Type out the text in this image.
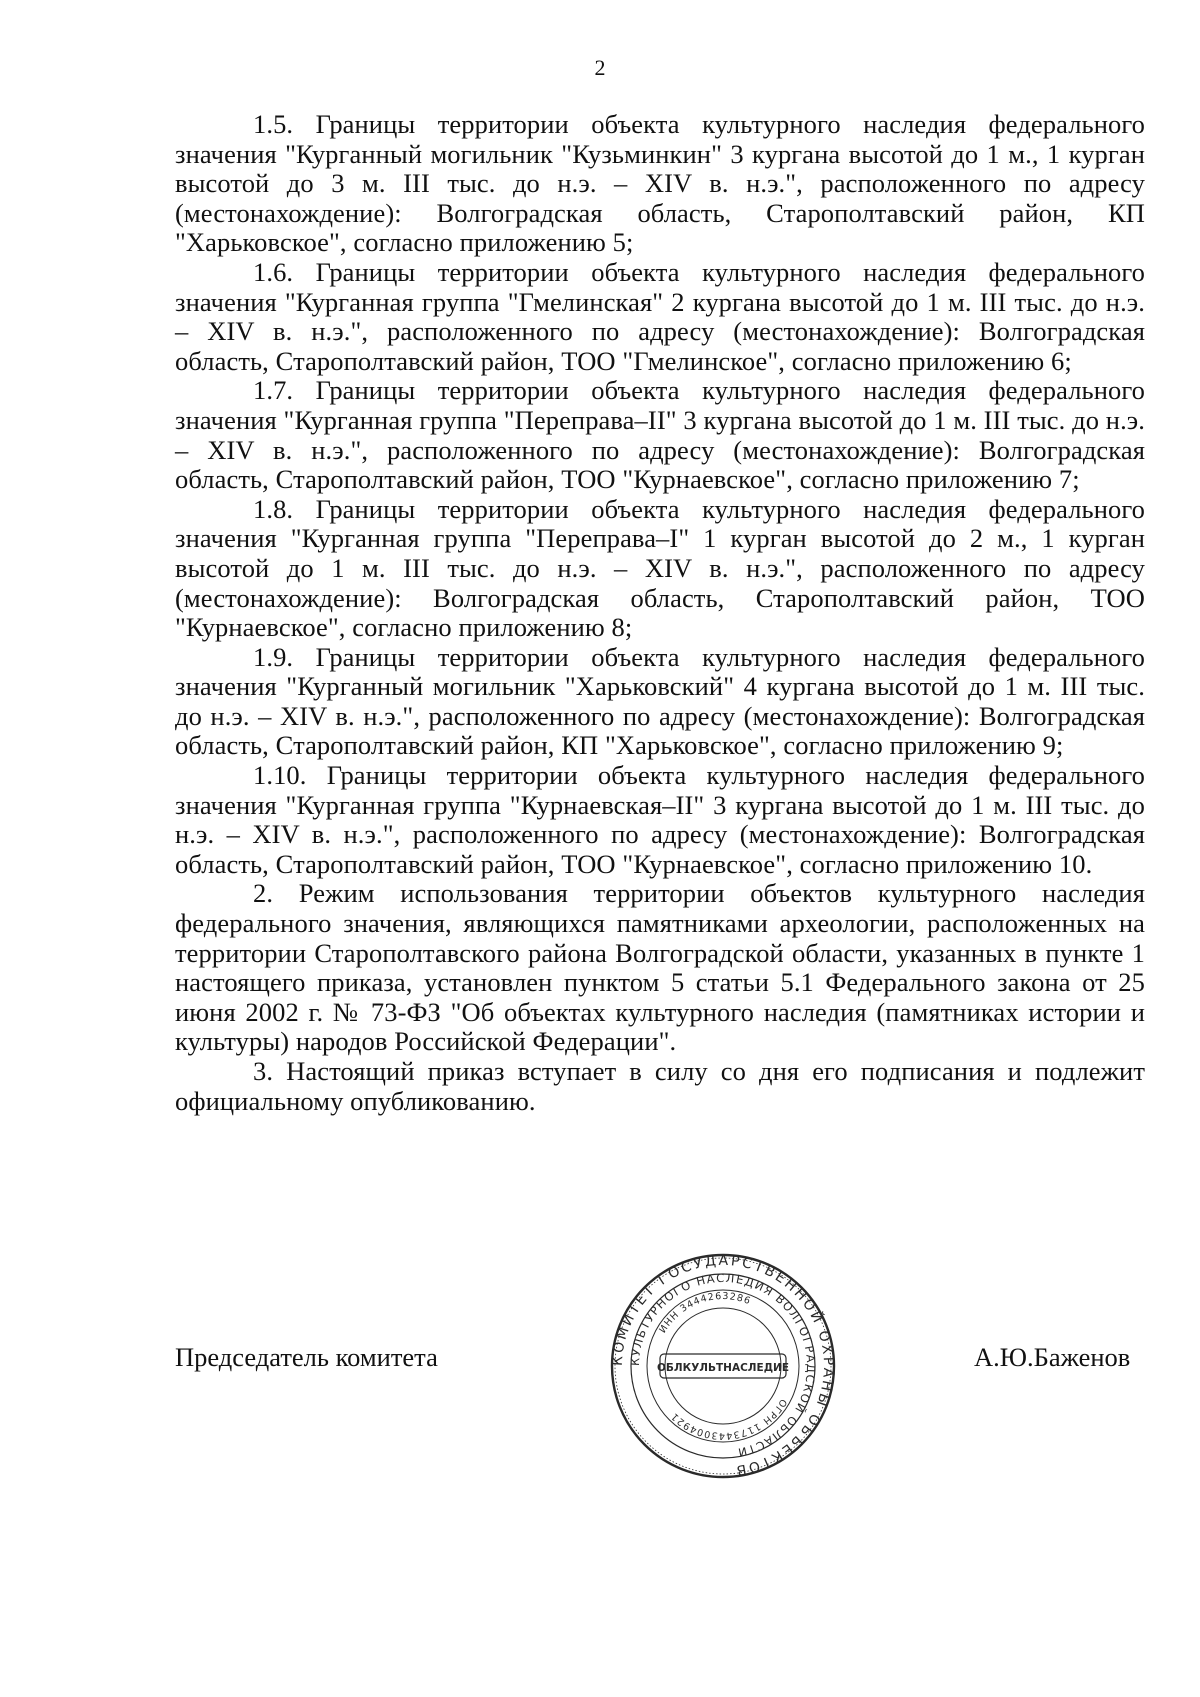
2

1.5. Границы территории объекта культурного наследия федерального значения "Курганный могильник "Кузьминкин" 3 кургана высотой до 1 м., 1 курган высотой до 3 м. III тыс. до н.э. – XIV в. н.э.", расположенного по адресу (местонахождение): Волгоградская область, Старополтавский район, КП "Харьковское", согласно приложению 5;

1.6. Границы территории объекта культурного наследия федерального значения "Курганная группа "Гмелинская" 2 кургана высотой до 1 м. III тыс. до н.э. – XIV в. н.э.", расположенного по адресу (местонахождение): Волгоградская область, Старополтавский район, ТОО "Гмелинское", согласно приложению 6;

1.7. Границы территории объекта культурного наследия федерального значения "Курганная группа "Переправа–II" 3 кургана высотой до 1 м. III тыс. до н.э. – XIV в. н.э.", расположенного по адресу (местонахождение): Волгоградская область, Старополтавский район, ТОО "Курнаевское", согласно приложению 7;

1.8. Границы территории объекта культурного наследия федерального значения "Курганная группа "Переправа–I" 1 курган высотой до 2 м., 1 курган высотой до 1 м. III тыс. до н.э. – XIV в. н.э.", расположенного по адресу (местонахождение): Волгоградская область, Старополтавский район, ТОО "Курнаевское", согласно приложению 8;

1.9. Границы территории объекта культурного наследия федерального значения "Курганный могильник "Харьковский" 4 кургана высотой до 1 м. III тыс. до н.э. – XIV в. н.э.", расположенного по адресу (местонахождение): Волгоградская область, Старополтавский район, КП "Харьковское", согласно приложению 9;

1.10. Границы территории объекта культурного наследия федерального значения "Курганная группа "Курнаевская–II" 3 кургана высотой до 1 м. III тыс. до н.э. – XIV в. н.э.", расположенного по адресу (местонахождение): Волгоградская область, Старополтавский район, ТОО "Курнаевское", согласно приложению 10.

2. Режим использования территории объектов культурного наследия федерального значения, являющихся памятниками археологии, расположенных на территории Старополтавского района Волгоградской области, указанных в пункте 1 настоящего приказа, установлен пунктом 5 статьи 5.1 Федерального закона от 25 июня 2002 г. № 73-ФЗ "Об объектах культурного наследия (памятниках истории и культуры) народов Российской Федерации".

3. Настоящий приказ вступает в силу со дня его подписания и подлежит официальному опубликованию.

Председатель комитета	КОМИТЕТ ГОСУДАРСТВЕННОЙ ОХРАНЫ ОБЪЕКТОВ
КУЛЬТУРНОГО НАСЛЕДИЯ ВОЛГОГРАДСКОЙ ОБЛАСТИ
ИНН 3444263286
ОГРН 1173443004921
ОБЛКУЛЬТНАСЛЕДИЕ	А.Ю.Баженов
